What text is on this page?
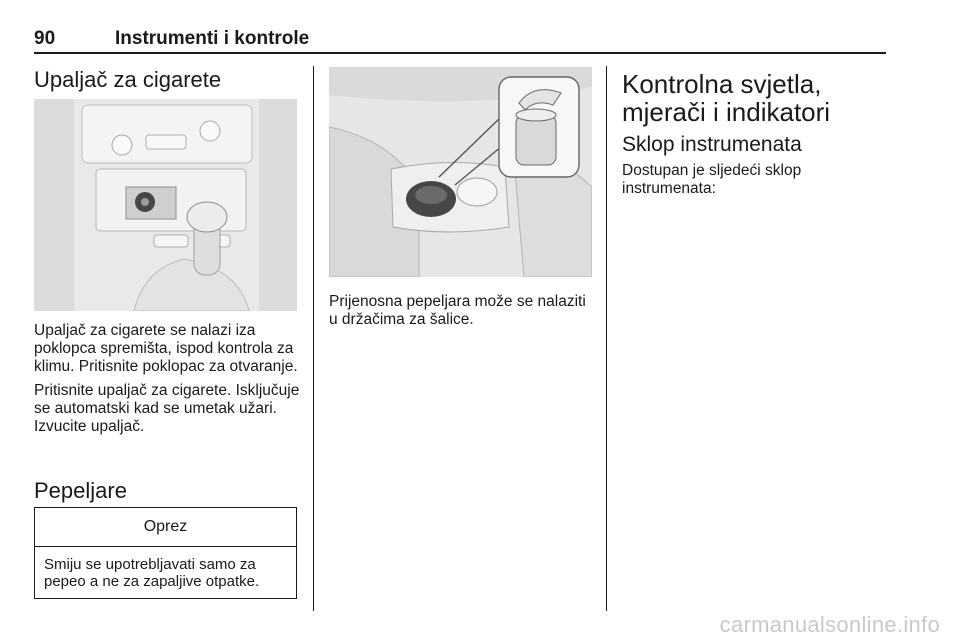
90	Instrumenti i kontrole
Upaljač za cigarete

Upaljač za cigarete se nalazi iza poklopca spremišta, ispod kontrola za klimu. Pritisnite poklopac za otvaranje.

Pritisnite upaljač za cigarete. Isključuje se automatski kad se umetak užari. Izvucite upaljač.

Pepeljare
Oprez
Smiju se upotrebljavati samo za pepeo a ne za zapaljive otpatke.
Prijenosna pepeljara može se nalaziti u držačima za šalice.
Kontrolna svjetla, mjerači i indikatori
Sklop instrumenata
Dostupan je sljedeći sklop instrumenata:
carmanualsonline.info
